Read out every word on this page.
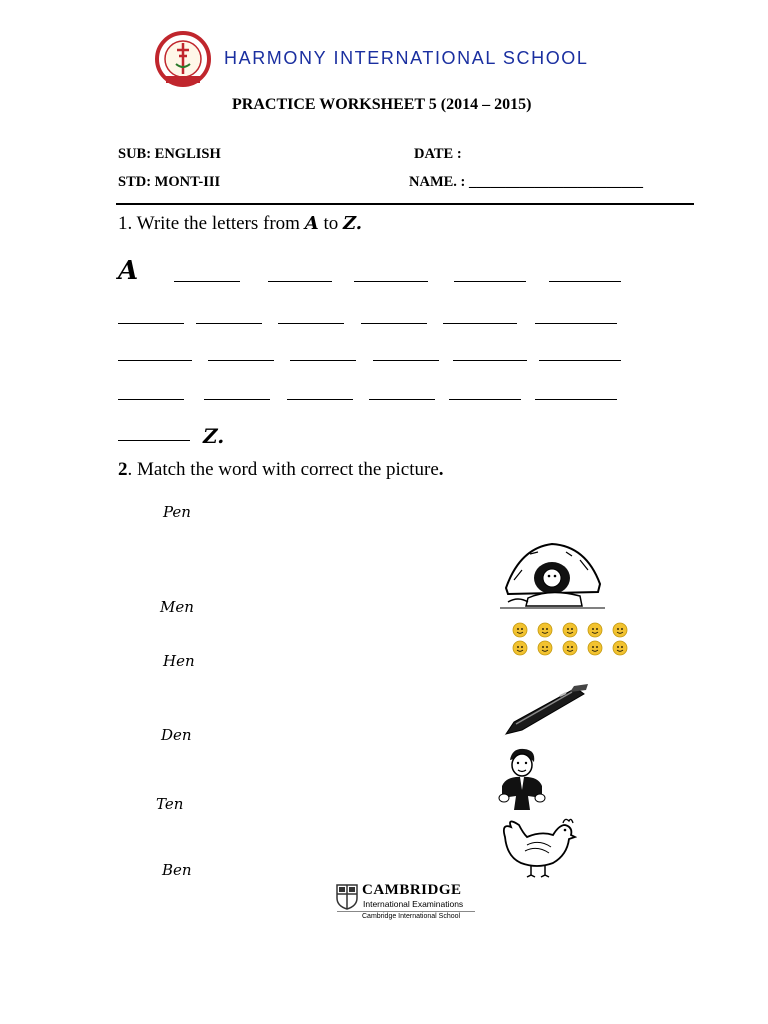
HARMONY INTERNATIONAL SCHOOL
PRACTICE WORKSHEET 5 (2014 – 2015)
SUB: ENGLISH	DATE :
STD: MONT-III	NAME. : ________________________
1. Write the letters from A to Z.
A
Z.
2. Match the word with correct the picture.
Pen
Men
Hen
Den
Ten
Ben
CAMBRIDGE
International Examinations
Cambridge International School
